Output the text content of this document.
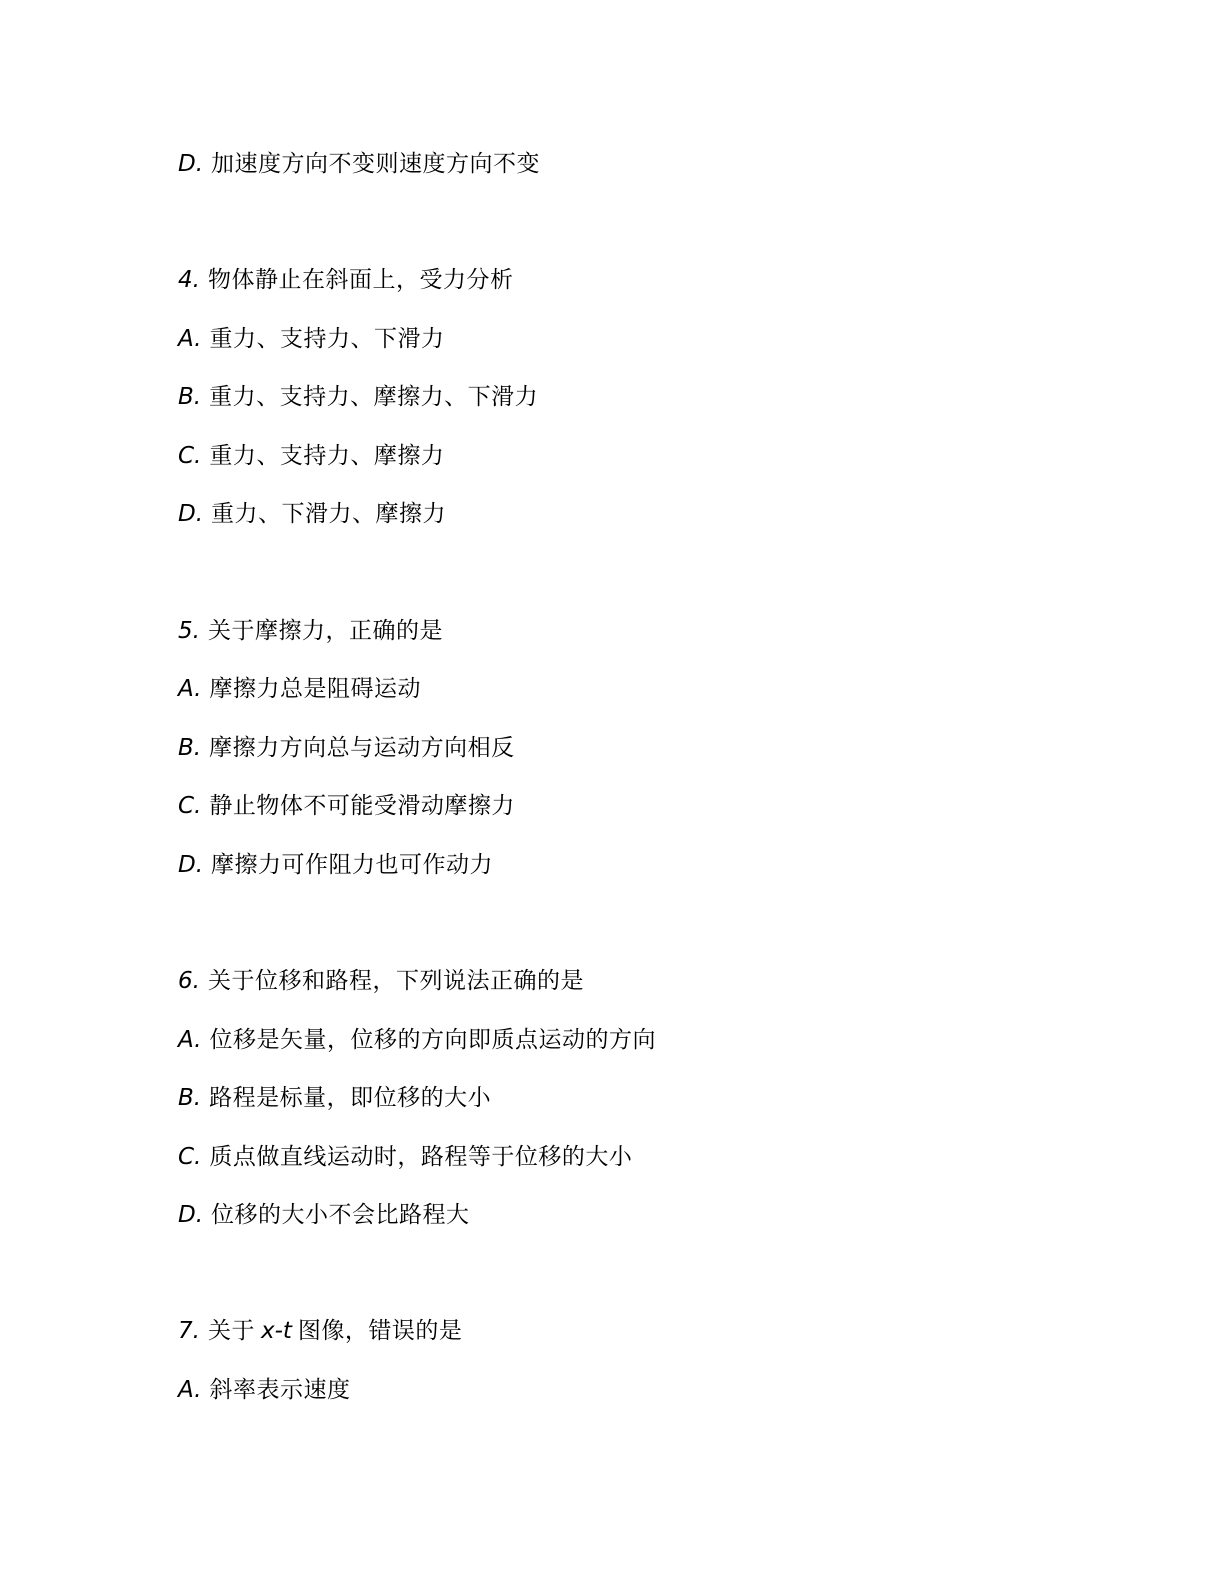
D. 加速度方向不变则速度方向不变
4. 物体静止在斜面上，受力分析
A. 重力、支持力、下滑力
B. 重力、支持力、摩擦力、下滑力
C. 重力、支持力、摩擦力
D. 重力、下滑力、摩擦力
5. 关于摩擦力，正确的是
A. 摩擦力总是阻碍运动
B. 摩擦力方向总与运动方向相反
C. 静止物体不可能受滑动摩擦力
D. 摩擦力可作阻力也可作动力
6. 关于位移和路程，下列说法正确的是
A. 位移是矢量，位移的方向即质点运动的方向
B. 路程是标量，即位移的大小
C. 质点做直线运动时，路程等于位移的大小
D. 位移的大小不会比路程大
7. 关于 x-t 图像，错误的是
A. 斜率表示速度
